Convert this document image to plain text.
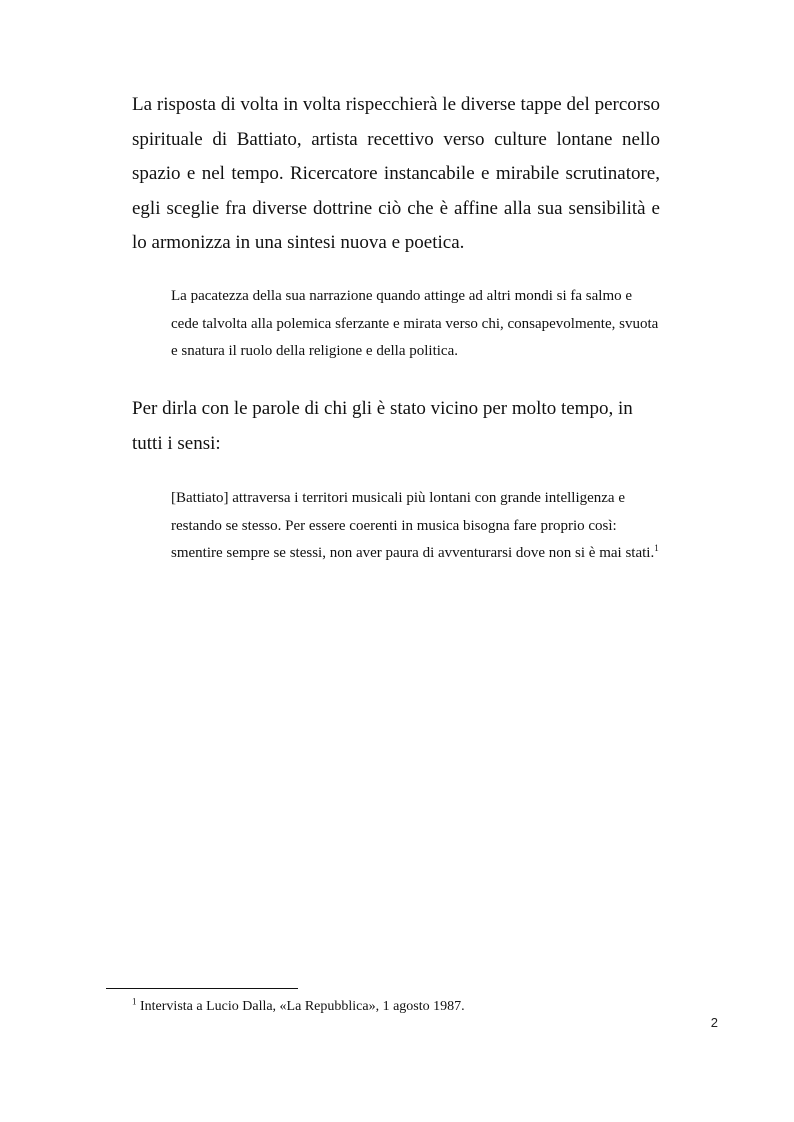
La risposta di volta in volta rispecchierà le diverse tappe del percorso spirituale di Battiato, artista recettivo verso culture lontane nello spazio e nel tempo. Ricercatore instancabile e mirabile scrutinatore, egli sceglie fra diverse dottrine ciò che è affine alla sua sensibilità e lo armonizza in una sintesi nuova e poetica.

La pacatezza della sua narrazione quando attinge ad altri mondi si fa salmo e cede talvolta alla polemica sferzante e mirata verso chi, consapevolmente, svuota e snatura il ruolo della religione e della politica.

Per dirla con le parole di chi gli è stato vicino per molto tempo, in tutti i sensi:

[Battiato] attraversa i territori musicali più lontani con grande intelligenza e restando se stesso. Per essere coerenti in musica bisogna fare proprio così: smentire sempre se stessi, non aver paura di avventurarsi dove non si è mai stati.$^1$

$^1$ Intervista a Lucio Dalla, «La Repubblica», 1 agosto 1987.

2
